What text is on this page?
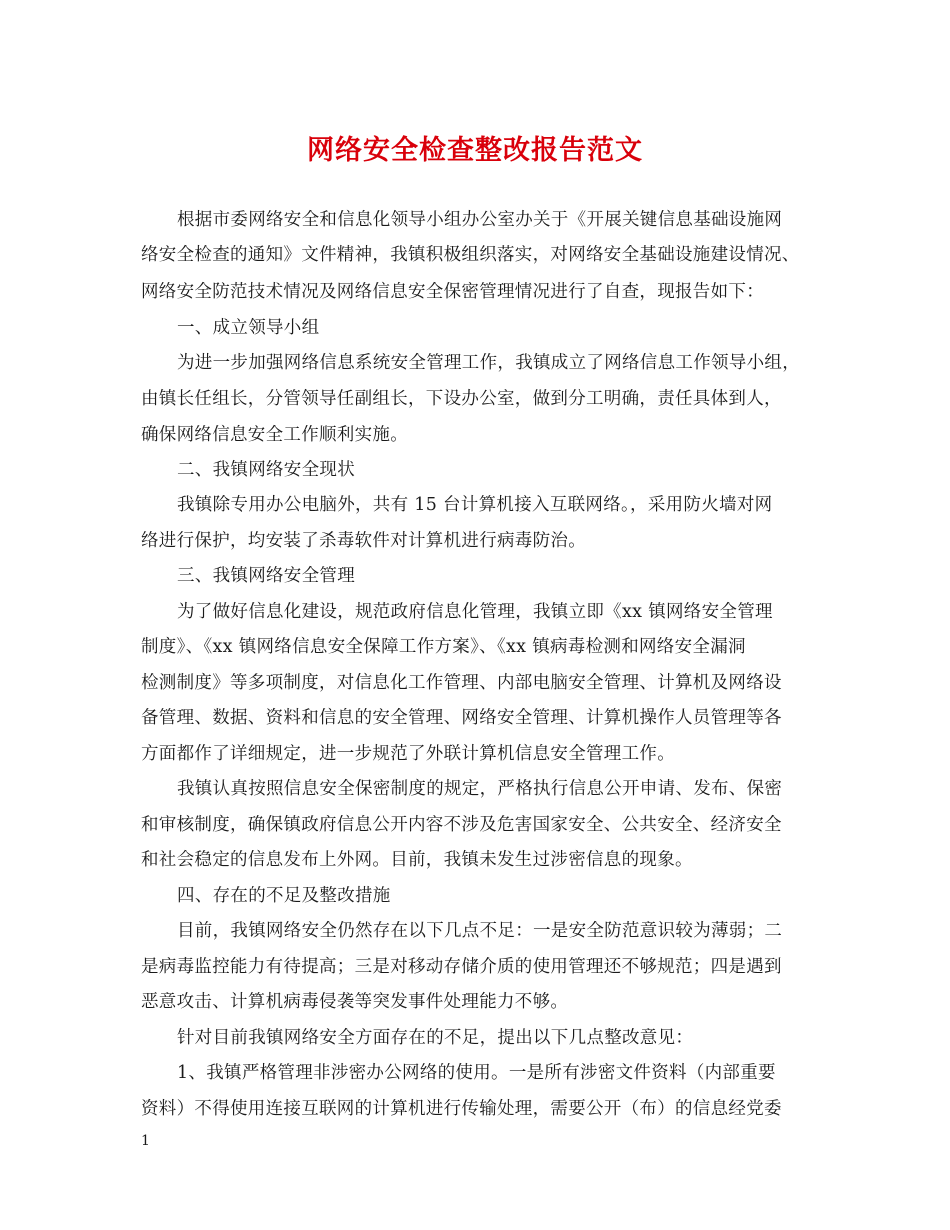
网络安全检查整改报告范文
根据市委网络安全和信息化领导小组办公室办关于《开展关键信息基础设施网
络安全检查的通知》文件精神，我镇积极组织落实，对网络安全基础设施建设情况、
网络安全防范技术情况及网络信息安全保密管理情况进行了自查，现报告如下：
一、成立领导小组
为进一步加强网络信息系统安全管理工作，我镇成立了网络信息工作领导小组，
由镇长任组长，分管领导任副组长，下设办公室，做到分工明确，责任具体到人，
确保网络信息安全工作顺利实施。
二、我镇网络安全现状
我镇除专用办公电脑外，共有 15 台计算机接入互联网络。，采用防火墙对网
络进行保护，均安装了杀毒软件对计算机进行病毒防治。
三、我镇网络安全管理
为了做好信息化建设，规范政府信息化管理，我镇立即《xx 镇网络安全管理
制度》、《xx 镇网络信息安全保障工作方案》、《xx 镇病毒检测和网络安全漏洞
检测制度》等多项制度，对信息化工作管理、内部电脑安全管理、计算机及网络设
备管理、数据、资料和信息的安全管理、网络安全管理、计算机操作人员管理等各
方面都作了详细规定，进一步规范了外联计算机信息安全管理工作。
我镇认真按照信息安全保密制度的规定，严格执行信息公开申请、发布、保密
和审核制度，确保镇政府信息公开内容不涉及危害国家安全、公共安全、经济安全
和社会稳定的信息发布上外网。目前，我镇未发生过涉密信息的现象。
四、存在的不足及整改措施
目前，我镇网络安全仍然存在以下几点不足：一是安全防范意识较为薄弱；二
是病毒监控能力有待提高；三是对移动存储介质的使用管理还不够规范；四是遇到
恶意攻击、计算机病毒侵袭等突发事件处理能力不够。
针对目前我镇网络安全方面存在的不足，提出以下几点整改意见：
1、我镇严格管理非涉密办公网络的使用。一是所有涉密文件资料（内部重要
资料）不得使用连接互联网的计算机进行传输处理，需要公开（布）的信息经党委
1
